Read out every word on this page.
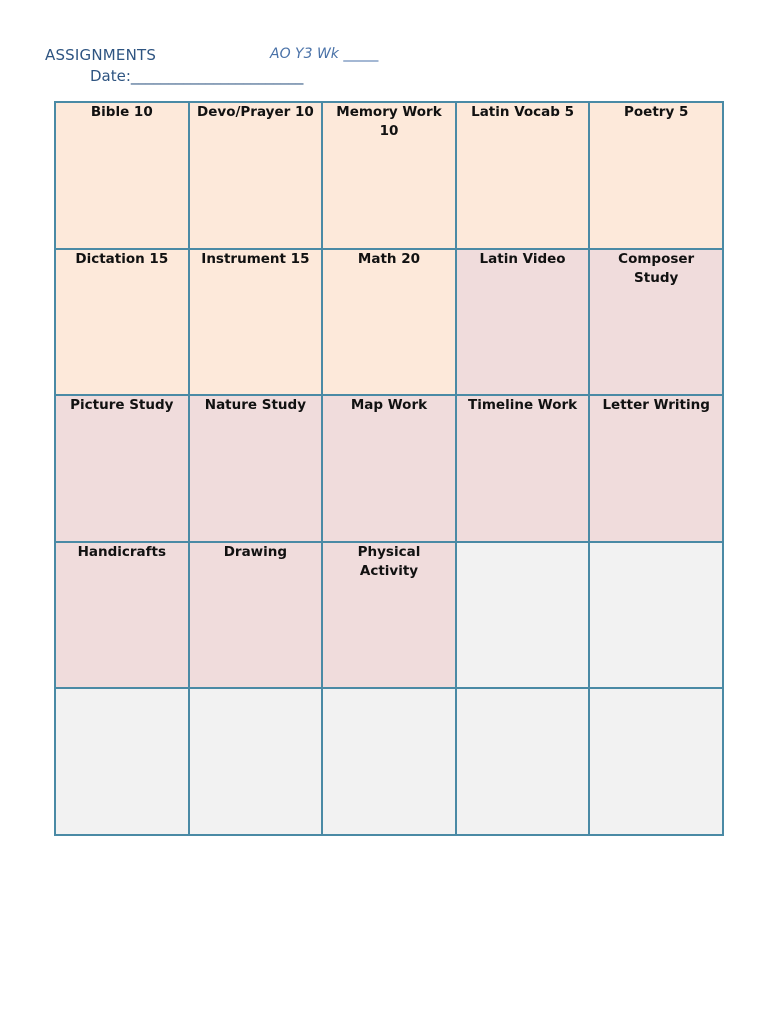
ASSIGNMENTS	AO Y3 Wk _____
Date:_______________________
Bible 10	Devo/Prayer 10	Memory Work 10	Latin Vocab 5	Poetry 5

Dictation 15	Instrument 15	Math 20	Latin Video	Composer Study

Picture Study	Nature Study	Map Work	Timeline Work	Letter Writing

Handicrafts	Drawing	Physical Activity		
